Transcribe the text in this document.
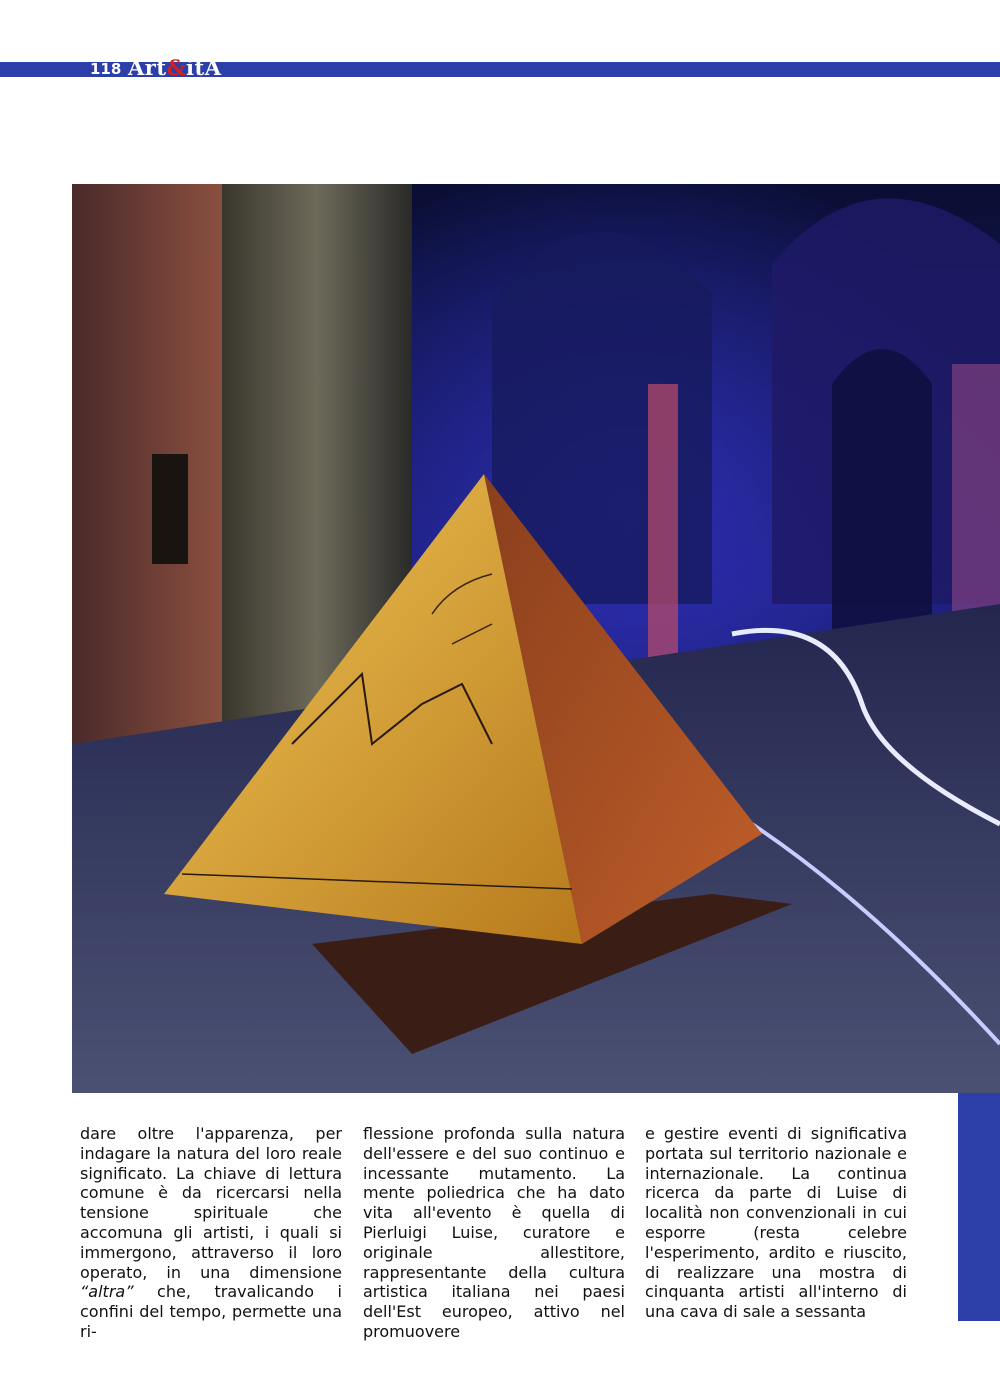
118 Art&itA

dare oltre l'apparenza, per indagare la natura del loro reale significato. La chiave di lettura comune è da ricercarsi nella tensione spirituale che accomuna gli artisti, i quali si immergono, attraverso il loro operato, in una dimensione “altra” che, travalicando i confini del tempo, permette una ri-

flessione profonda sulla natura dell'essere e del suo continuo e incessante mutamento. La mente poliedrica che ha dato vita all'evento è quella di Pierluigi Luise, curatore e originale allestitore, rappresentante della cultura artistica italiana nei paesi dell'Est europeo, attivo nel promuovere

e gestire eventi di significativa portata sul territorio nazionale e internazionale. La continua ricerca da parte di Luise di località non convenzionali in cui esporre (resta celebre l'esperimento, ardito e riuscito, di realizzare una mostra di cinquanta artisti all'interno di una cava di sale a sessanta
